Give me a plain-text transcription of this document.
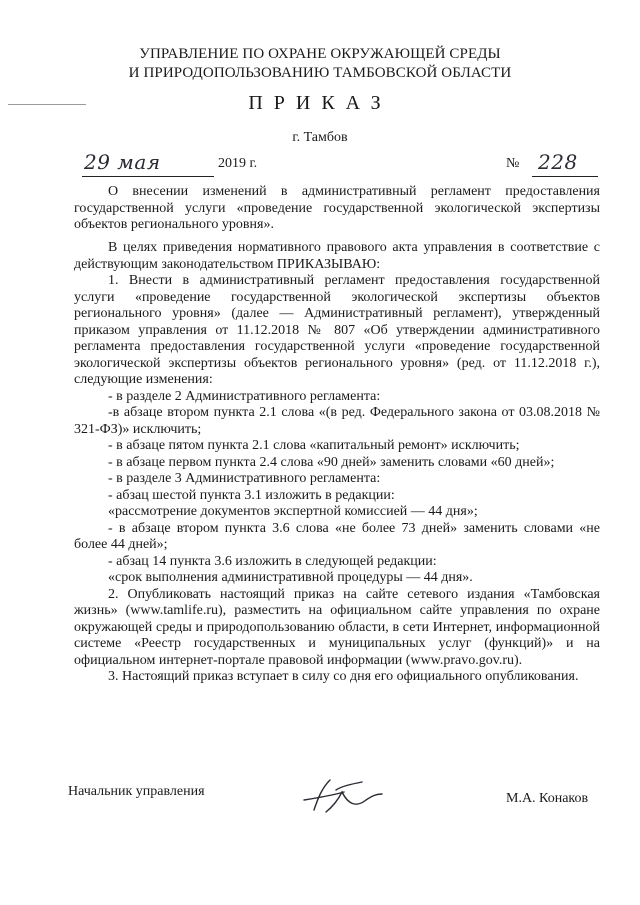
УПРАВЛЕНИЕ ПО ОХРАНЕ ОКРУЖАЮЩЕЙ СРЕДЫ
И ПРИРОДОПОЛЬЗОВАНИЮ ТАМБОВСКОЙ ОБЛАСТИ
ПРИКАЗ
г. Тамбов
29 мая	2019 г.	№ 228
О внесении изменений в административный регламент предоставления государственной услуги «проведение государственной экологической экспертизы объектов регионального уровня».

В целях приведения нормативного правового акта управления в соответствие с действующим законодательством ПРИКАЗЫВАЮ:

1. Внести в административный регламент предоставления государственной услуги «проведение государственной экологической экспертизы объектов регионального уровня» (далее — Административный регламент), утвержденный приказом управления от 11.12.2018 № 807 «Об утверждении административного регламента предоставления государственной услуги «проведение государственной экологической экспертизы объектов регионального уровня» (ред. от 11.12.2018 г.), следующие изменения:

- в разделе 2 Административного регламента:

-в абзаце втором пункта 2.1 слова «(в ред. Федерального закона от 03.08.2018 № 321-ФЗ)» исключить;

- в абзаце пятом пункта 2.1 слова «капитальный ремонт» исключить;

- в абзаце первом пункта 2.4 слова «90 дней» заменить словами «60 дней»;

- в разделе 3 Административного регламента:

- абзац шестой пункта 3.1 изложить в редакции:

«рассмотрение документов экспертной комиссией — 44 дня»;

- в абзаце втором пункта 3.6 слова «не более 73 дней» заменить словами «не более 44 дней»;

- абзац 14 пункта 3.6 изложить в следующей редакции:

«срок выполнения административной процедуры — 44 дня».

2. Опубликовать настоящий приказ на сайте сетевого издания «Тамбовская жизнь» (www.tamlife.ru), разместить на официальном сайте управления по охране окружающей среды и природопользованию области, в сети Интернет, информационной системе «Реестр государственных и муниципальных услуг (функций)» и на официальном интернет-портале правовой информации (www.pravo.gov.ru).

3. Настоящий приказ вступает в силу со дня его официального опубликования.

Начальник управления	М.А. Конаков
